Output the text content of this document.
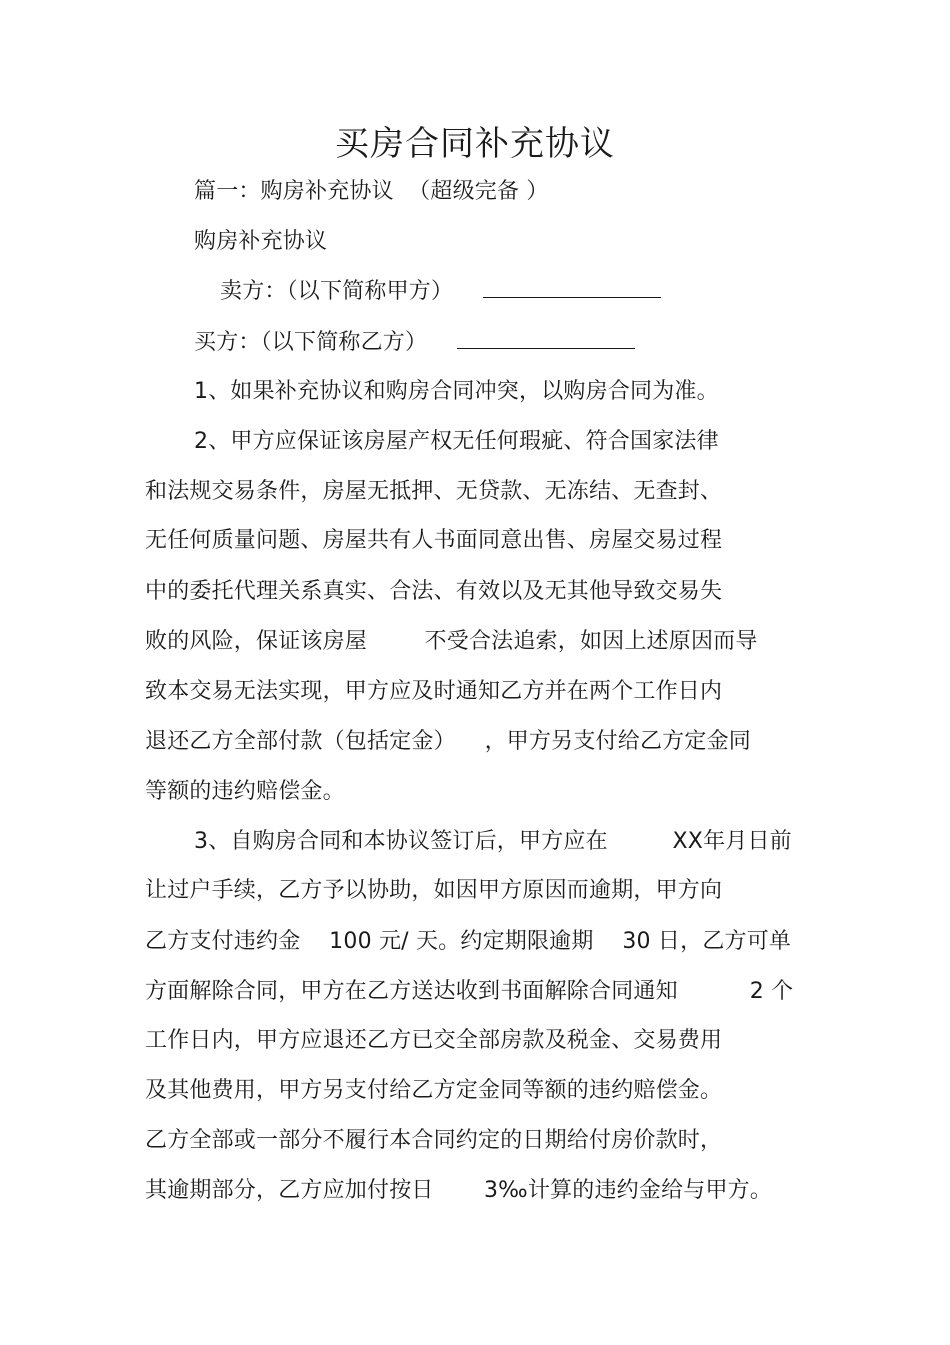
买房合同补充协议
篇一：购房补充协议  （超级完备 ）
购房补充协议
卖方：（以下简称甲方）
买方：（以下简称乙方）
1、如果补充协议和购房合同冲突，以购房合同为准。
2、甲方应保证该房屋产权无任何瑕疵、符合国家法律
和法规交易条件，房屋无抵押、无贷款、无冻结、无查封、
无任何质量问题、房屋共有人书面同意出售、房屋交易过程
中的委托代理关系真实、合法、有效以及无其他导致交易失
败的风险，保证该房屋        不受合法追索，如因上述原因而导
致本交易无法实现，甲方应及时通知乙方并在两个工作日内
退还乙方全部付款（包括定金）    ，甲方另支付给乙方定金同
等额的违约赔偿金。
3、自购房合同和本协议签订后，甲方应在         XX年月日前
让过户手续，乙方予以协助，如因甲方原因而逾期，甲方向
乙方支付违约金    100 元/ 天。约定期限逾期    30 日，乙方可单
方面解除合同，甲方在乙方送达收到书面解除合同通知          2 个
工作日内，甲方应退还乙方已交全部房款及税金、交易费用
及其他费用，甲方另支付给乙方定金同等额的违约赔偿金。
乙方全部或一部分不履行本合同约定的日期给付房价款时，
其逾期部分，乙方应加付按日       3‰计算的违约金给与甲方。
